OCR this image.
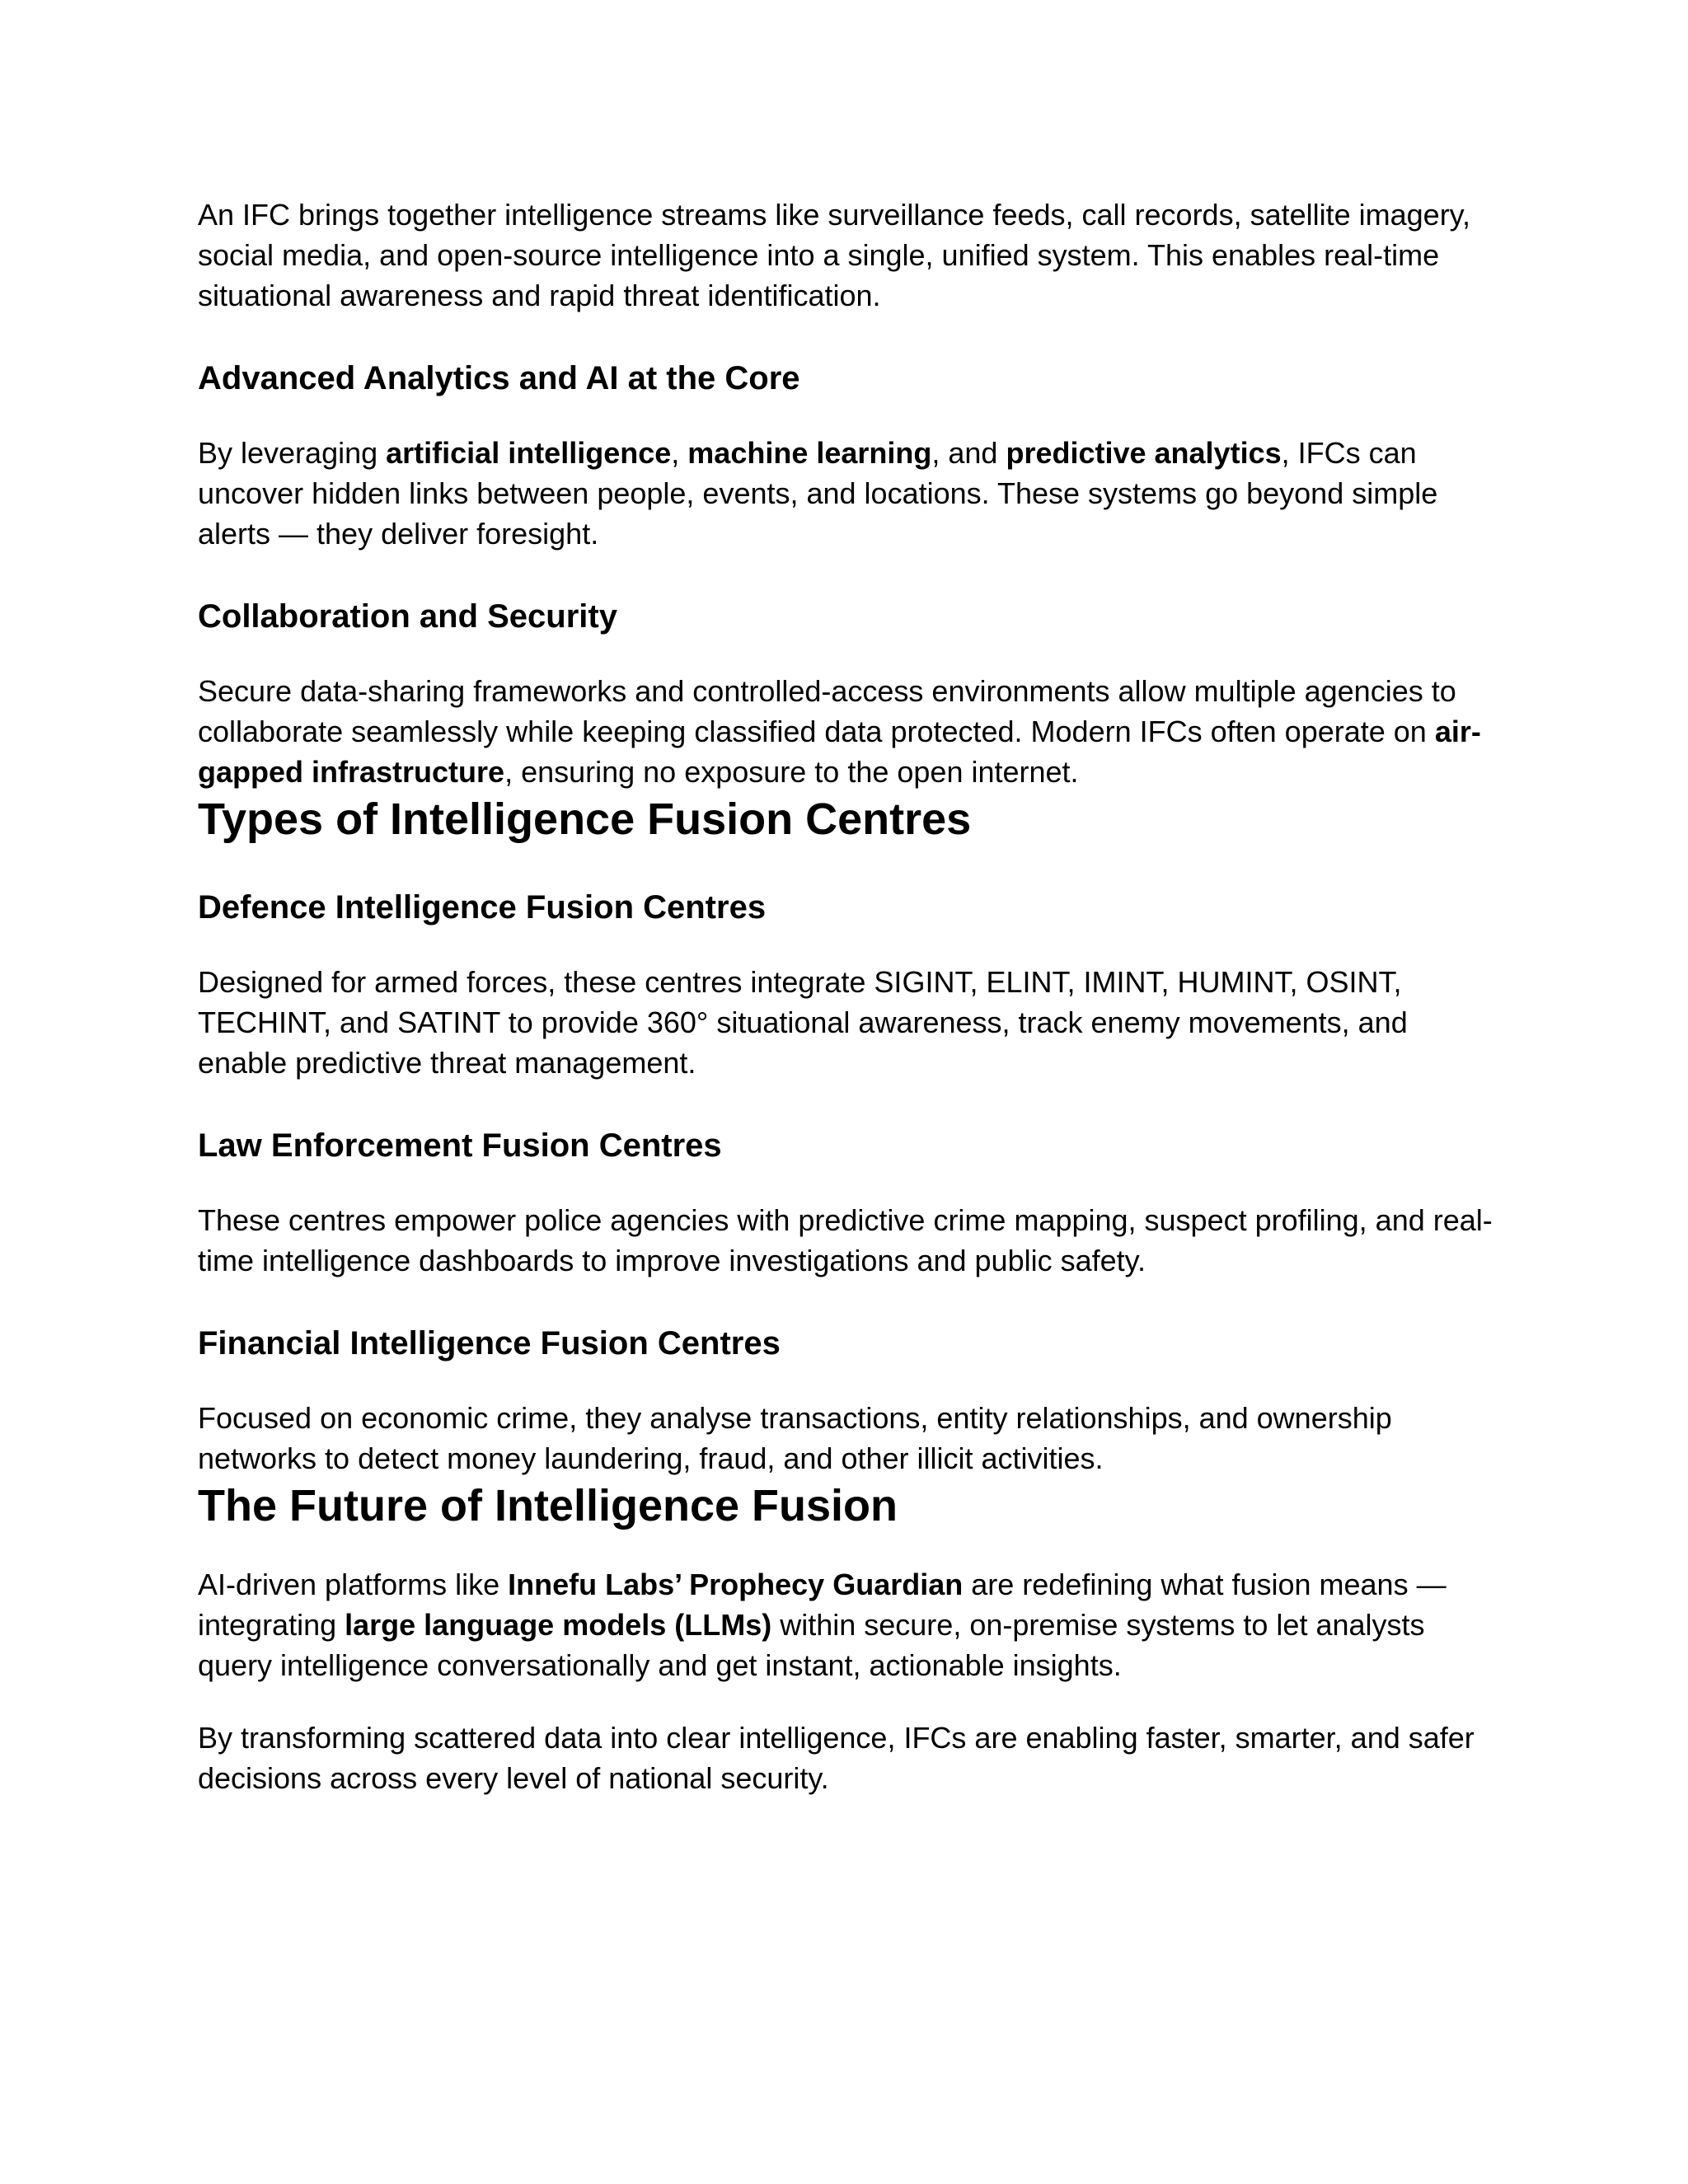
An IFC brings together intelligence streams like surveillance feeds, call records, satellite imagery, social media, and open-source intelligence into a single, unified system. This enables real-time situational awareness and rapid threat identification.

Advanced Analytics and AI at the Core

By leveraging artificial intelligence, machine learning, and predictive analytics, IFCs can uncover hidden links between people, events, and locations. These systems go beyond simple alerts — they deliver foresight.

Collaboration and Security

Secure data-sharing frameworks and controlled-access environments allow multiple agencies to collaborate seamlessly while keeping classified data protected. Modern IFCs often operate on air-gapped infrastructure, ensuring no exposure to the open internet.

Types of Intelligence Fusion Centres
Defence Intelligence Fusion Centres

Designed for armed forces, these centres integrate SIGINT, ELINT, IMINT, HUMINT, OSINT, TECHINT, and SATINT to provide 360° situational awareness, track enemy movements, and enable predictive threat management.

Law Enforcement Fusion Centres

These centres empower police agencies with predictive crime mapping, suspect profiling, and real-time intelligence dashboards to improve investigations and public safety.

Financial Intelligence Fusion Centres

Focused on economic crime, they analyse transactions, entity relationships, and ownership networks to detect money laundering, fraud, and other illicit activities.

The Future of Intelligence Fusion

AI-driven platforms like Innefu Labs’ Prophecy Guardian are redefining what fusion means — integrating large language models (LLMs) within secure, on-premise systems to let analysts query intelligence conversationally and get instant, actionable insights.

By transforming scattered data into clear intelligence, IFCs are enabling faster, smarter, and safer decisions across every level of national security.
